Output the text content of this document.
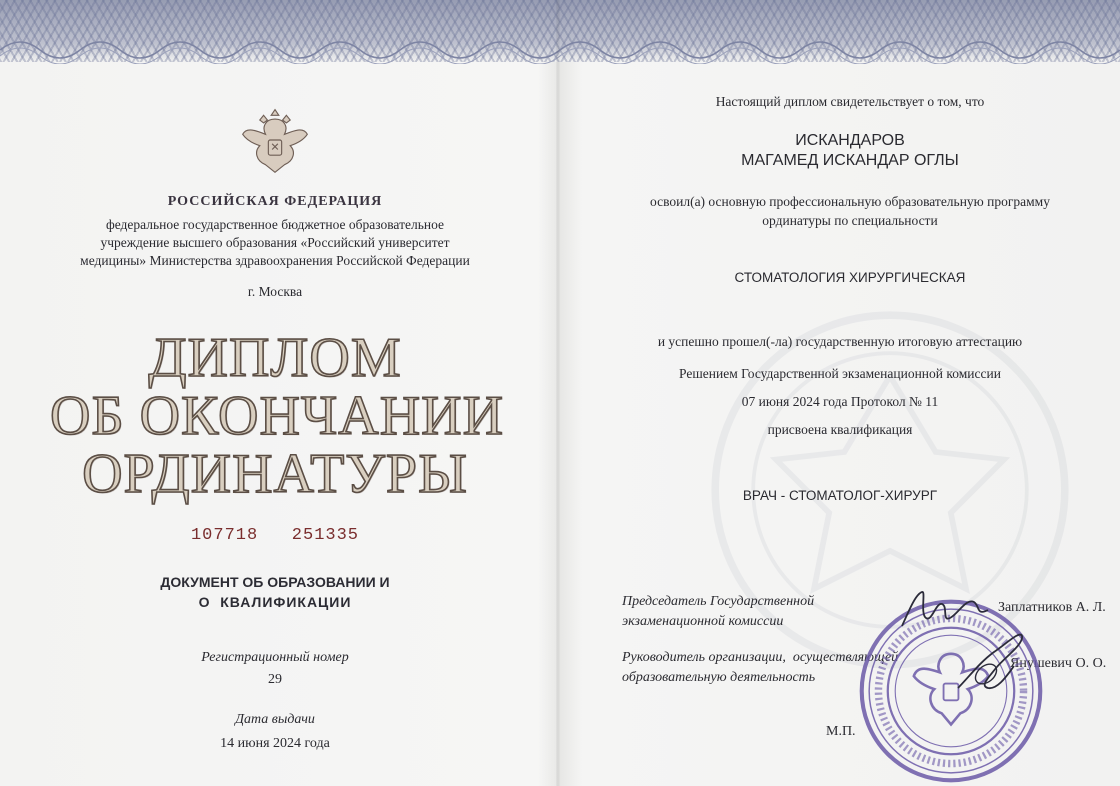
РОССИЙСКАЯ ФЕДЕРАЦИЯ
федеральное государственное бюджетное образовательное учреждение высшего образования «Российский университет медицины» Министерства здравоохранения Российской Федерации
г. Москва
ДИПЛОМ
ОБ ОКОНЧАНИИ
ОРДИНАТУРЫ
107718   251335
ДОКУМЕНТ ОБ ОБРАЗОВАНИИ И
О  КВАЛИФИКАЦИИ
Регистрационный номер
29
Дата выдачи
14 июня 2024 года
Настоящий диплом свидетельствует о том, что
ИСКАНДАРОВ
МАГАМЕД ИСКАНДАР ОГЛЫ
освоил(а) основную профессиональную образовательную программу ординатуры по специальности
СТОМАТОЛОГИЯ ХИРУРГИЧЕСКАЯ
и успешно прошел(-ла) государственную итоговую аттестацию
Решением Государственной экзаменационной комиссии
07 июня 2024 года Протокол № 11
присвоена квалификация
ВРАЧ - СТОМАТОЛОГ-ХИРУРГ
Председатель Государственной
экзаменационной комиссии
Заплатников А. Л.
Руководитель организации,  осуществляющей
образовательную деятельность
Янушевич О. О.
М.П.
